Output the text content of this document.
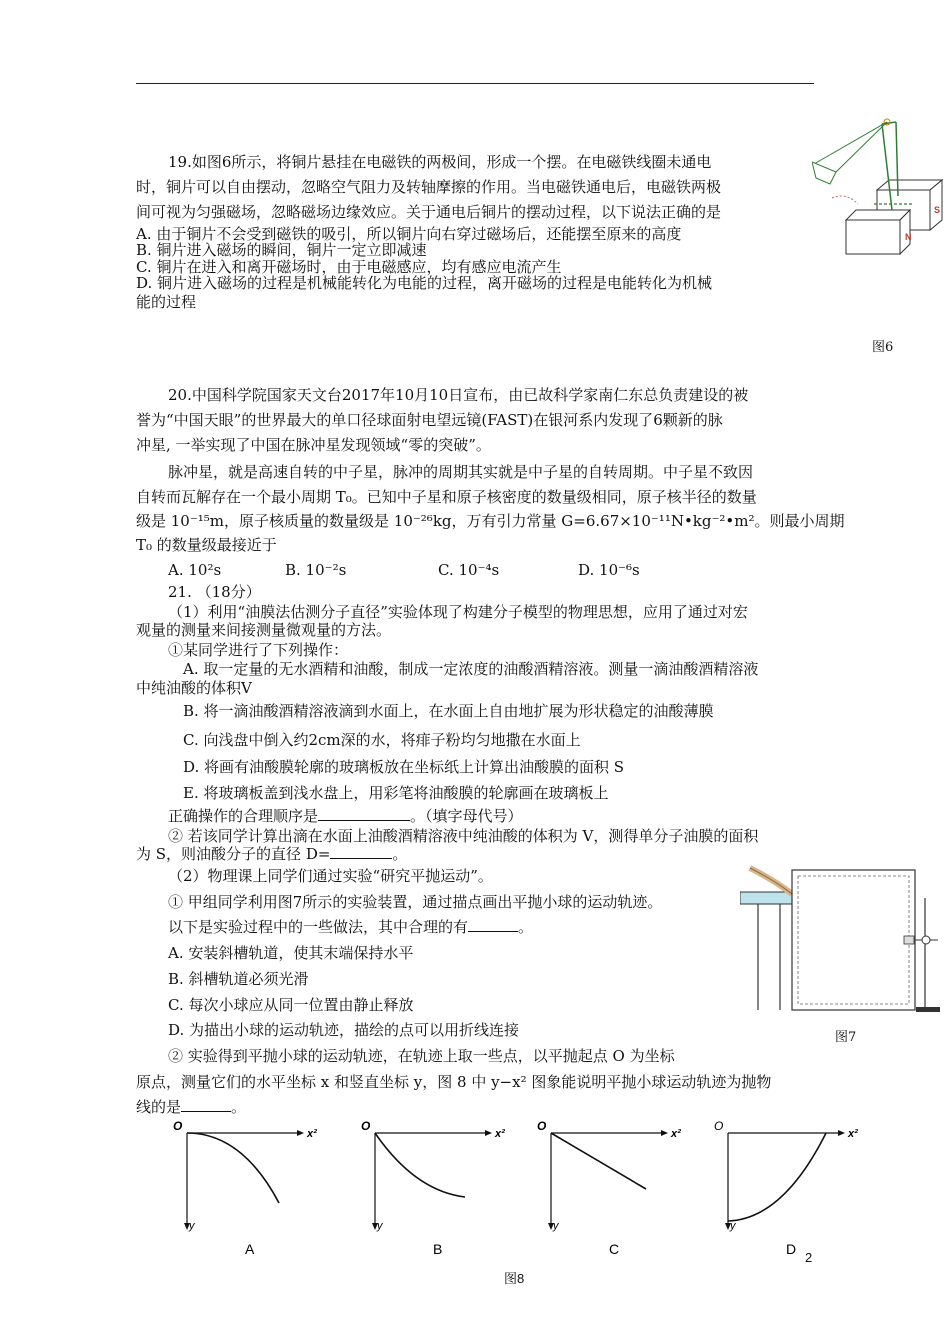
19.如图6所示，将铜片悬挂在电磁铁的两极间，形成一个摆。在电磁铁线圈未通电
时，铜片可以自由摆动，忽略空气阻力及转轴摩擦的作用。当电磁铁通电后，电磁铁两极
间可视为匀强磁场，忽略磁场边缘效应。关于通电后铜片的摆动过程，以下说法正确的是
A. 由于铜片不会受到磁铁的吸引，所以铜片向右穿过磁场后，还能摆至原来的高度
B. 铜片进入磁场的瞬间，铜片一定立即减速
C. 铜片在进入和离开磁场时，由于电磁感应，均有感应电流产生
D. 铜片进入磁场的过程是机械能转化为电能的过程，离开磁场的过程是电能转化为机械
能的过程
图6
S
N
20.中国科学院国家天文台2017年10月10日宣布，由已故科学家南仁东总负责建设的被
誉为“中国天眼”的世界最大的单口径球面射电望远镜(FAST)在银河系内发现了6颗新的脉
冲星, 一举实现了中国在脉冲星发现领域“零的突破”。
脉冲星，就是高速自转的中子星，脉冲的周期其实就是中子星的自转周期。中子星不致因
自转而瓦解存在一个最小周期 T₀。已知中子星和原子核密度的数量级相同，原子核半径的数量
级是 10⁻¹⁵m，原子核质量的数量级是 10⁻²⁶kg，万有引力常量 G=6.67×10⁻¹¹N•kg⁻²•m²。则最小周期
T₀ 的数量级最接近于
A. 10²s	B. 10⁻²s	C. 10⁻⁴s	D. 10⁻⁶s
21. （18分）
（1）利用“油膜法估测分子直径”实验体现了构建分子模型的物理思想，应用了通过对宏
观量的测量来间接测量微观量的方法。
①某同学进行了下列操作：
A. 取一定量的无水酒精和油酸，制成一定浓度的油酸酒精溶液。测量一滴油酸酒精溶液
中纯油酸的体积V
B. 将一滴油酸酒精溶液滴到水面上，在水面上自由地扩展为形状稳定的油酸薄膜
C. 向浅盘中倒入约2cm深的水，将痱子粉均匀地撒在水面上
D. 将画有油酸膜轮廓的玻璃板放在坐标纸上计算出油酸膜的面积 S
E. 将玻璃板盖到浅水盘上，用彩笔将油酸膜的轮廓画在玻璃板上
正确操作的合理顺序是	。（填字母代号）
② 若该同学计算出滴在水面上油酸酒精溶液中纯油酸的体积为 V，测得单分子油膜的面积
为 S，则油酸分子的直径 D=	。
（2）物理课上同学们通过实验“研究平抛运动”。
① 甲组同学利用图7所示的实验装置，通过描点画出平抛小球的运动轨迹。
以下是实验过程中的一些做法，其中合理的有	。
A. 安装斜槽轨道，使其末端保持水平
B. 斜槽轨道必须光滑
C. 每次小球应从同一位置由静止释放
D. 为描出小球的运动轨迹，描绘的点可以用折线连接	图7
② 实验得到平抛小球的运动轨迹，在轨迹上取一些点，以平抛起点 O 为坐标
原点，测量它们的水平坐标 x 和竖直坐标 y，图 8 中 y−x² 图象能说明平抛小球运动轨迹为抛物
线的是	。
O
x²
y
A
O
x²
y
B
O
x²
y
C
O
x²
y
D
图8
2
